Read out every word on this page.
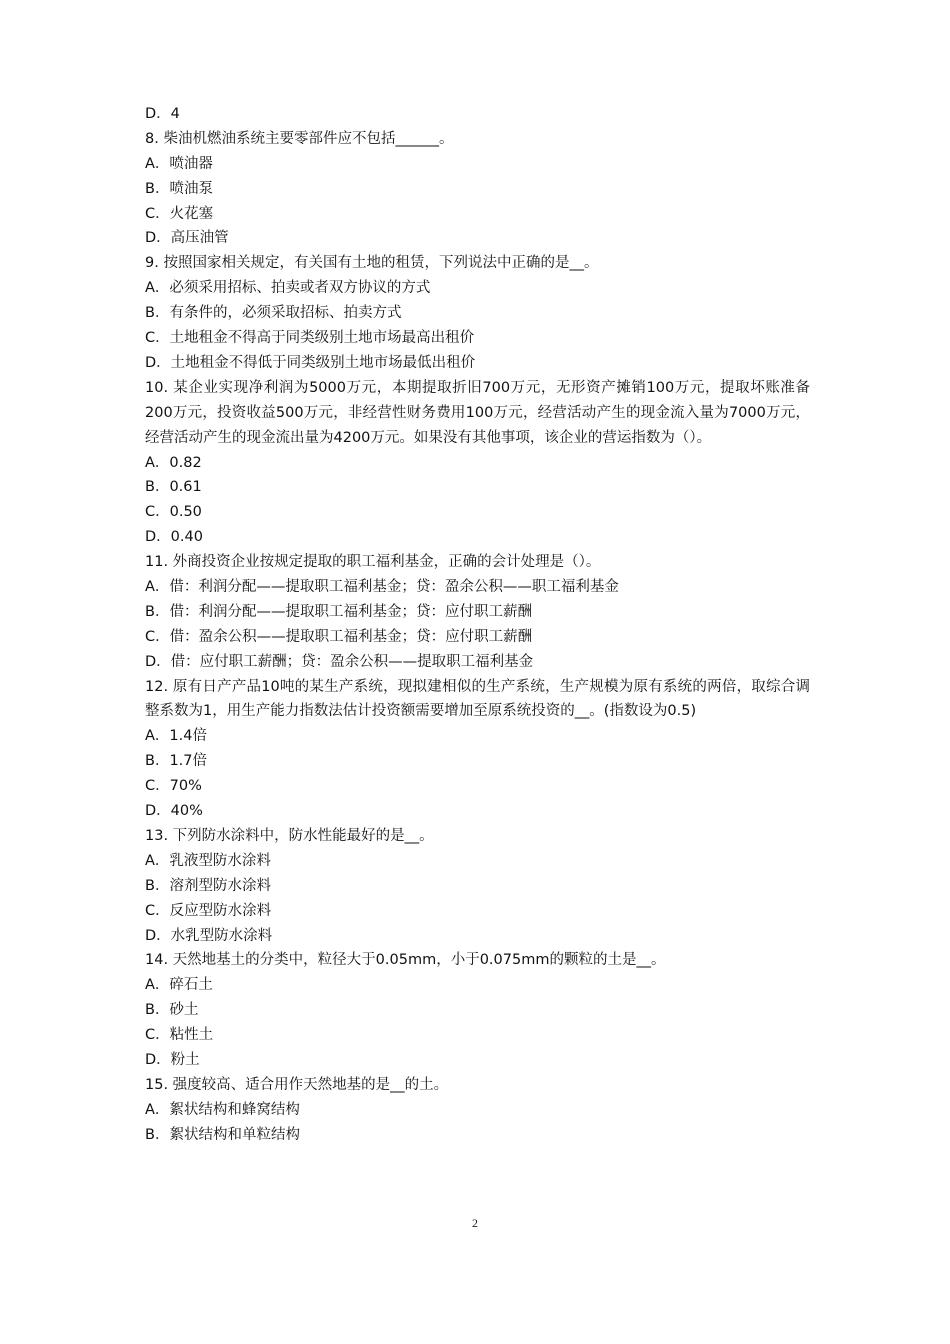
D．4
8. 柴油机燃油系统主要零部件应不包括______。
A．喷油器
B．喷油泵
C．火花塞
D．高压油管
9. 按照国家相关规定，有关国有土地的租赁，下列说法中正确的是__。
A．必须采用招标、拍卖或者双方协议的方式
B．有条件的，必须采取招标、拍卖方式
C．土地租金不得高于同类级别土地市场最高出租价
D．土地租金不得低于同类级别土地市场最低出租价
10. 某企业实现净利润为5000万元，本期提取折旧700万元，无形资产摊销100万元，提取坏账准备200万元，投资收益500万元，非经营性财务费用100万元，经营活动产生的现金流入量为7000万元，经营活动产生的现金流出量为4200万元。如果没有其他事项，该企业的营运指数为（）。
A．0.82
B．0.61
C．0.50
D．0.40
11. 外商投资企业按规定提取的职工福利基金，正确的会计处理是（）。
A．借：利润分配——提取职工福利基金；贷：盈余公积——职工福利基金
B．借：利润分配——提取职工福利基金；贷：应付职工薪酬
C．借：盈余公积——提取职工福利基金；贷：应付职工薪酬
D．借：应付职工薪酬；贷：盈余公积——提取职工福利基金
12. 原有日产产品10吨的某生产系统，现拟建相似的生产系统，生产规模为原有系统的两倍，取综合调整系数为1，用生产能力指数法估计投资额需要增加至原系统投资的__。(指数设为0.5)
A．1.4倍
B．1.7倍
C．70%
D．40%
13. 下列防水涂料中，防水性能最好的是__。
A．乳液型防水涂料
B．溶剂型防水涂料
C．反应型防水涂料
D．水乳型防水涂料
14. 天然地基土的分类中，粒径大于0.05mm，小于0.075mm的颗粒的土是__。
A．碎石土
B．砂土
C．粘性土
D．粉土
15. 强度较高、适合用作天然地基的是__的土。
A．絮状结构和蜂窝结构
B．絮状结构和单粒结构
2
